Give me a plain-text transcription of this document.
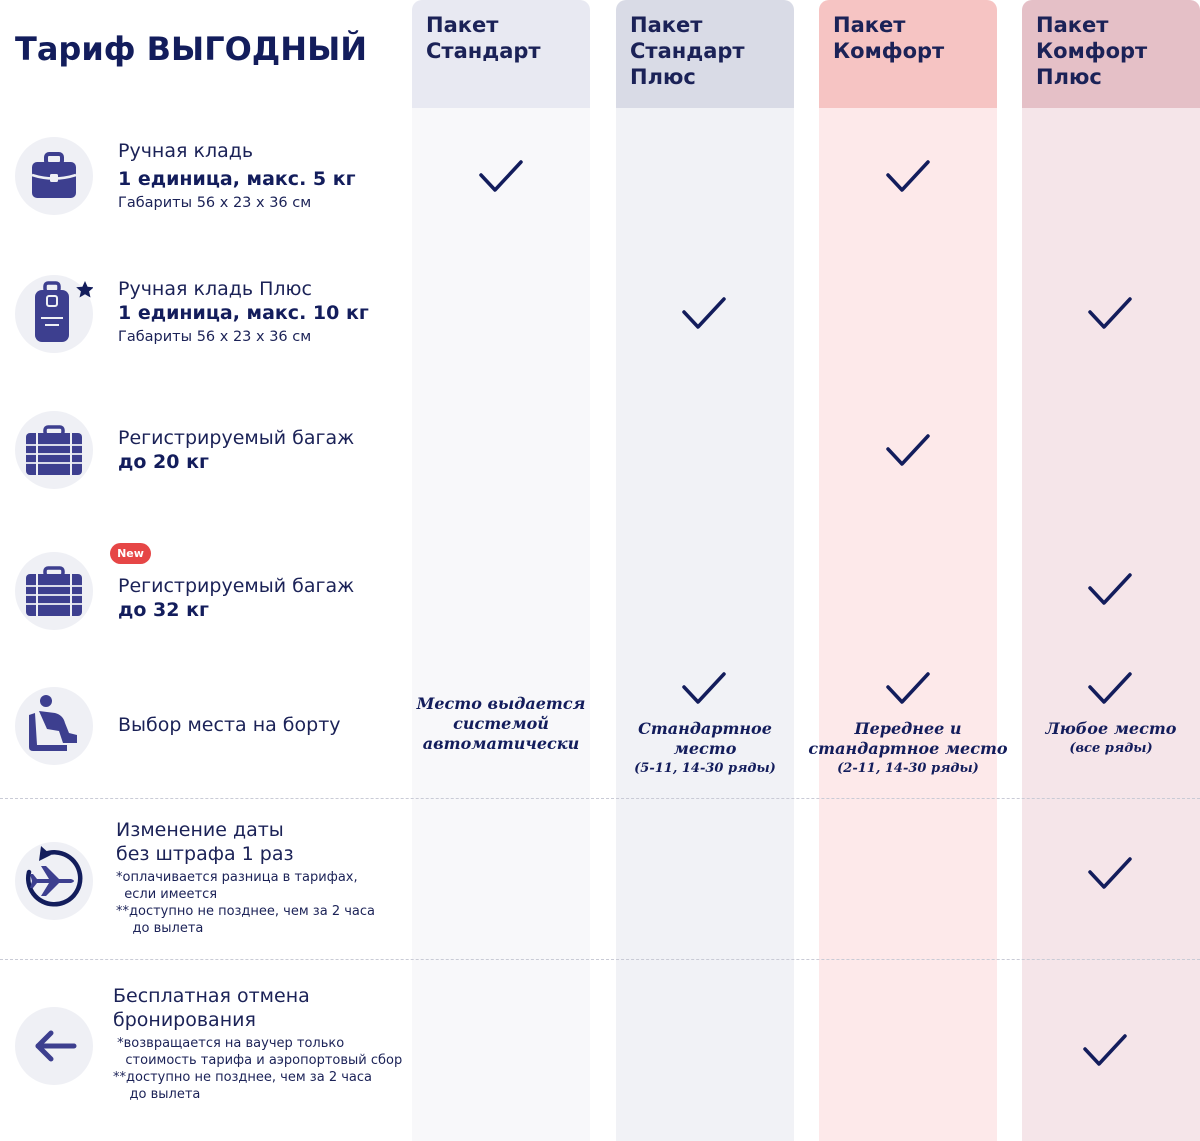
Пакет
Стандарт
Пакет
Стандарт
Плюс
Пакет
Комфорт
Пакет
Комфорт
Плюс
Тариф ВЫГОДНЫЙ
Ручная кладь
1 единица, макс. 5 кг
Габариты 56 х 23 х 36 см
Ручная кладь Плюс
1 единица, макс. 10 кг
Габариты 56 х 23 х 36 см
Регистрируемый багаж
до 20 кг
New
Регистрируемый багаж
до 32 кг
Выбор места на борту
Место выдается
системой
автоматически
Стандартное
место
(5-11, 14-30 ряды)
Переднее и
стандартное место
(2-11, 14-30 ряды)
Любое место
(все ряды)
Изменение даты
без штрафа 1 раз
*оплачивается разница в тарифах,
если имеется
**доступно не позднее, чем за 2 часа
до вылета
Бесплатная отмена
бронирования
*возвращается на ваучер только
стоимость тарифа и аэропортовый сбор
**доступно не позднее, чем за 2 часа
до вылета
